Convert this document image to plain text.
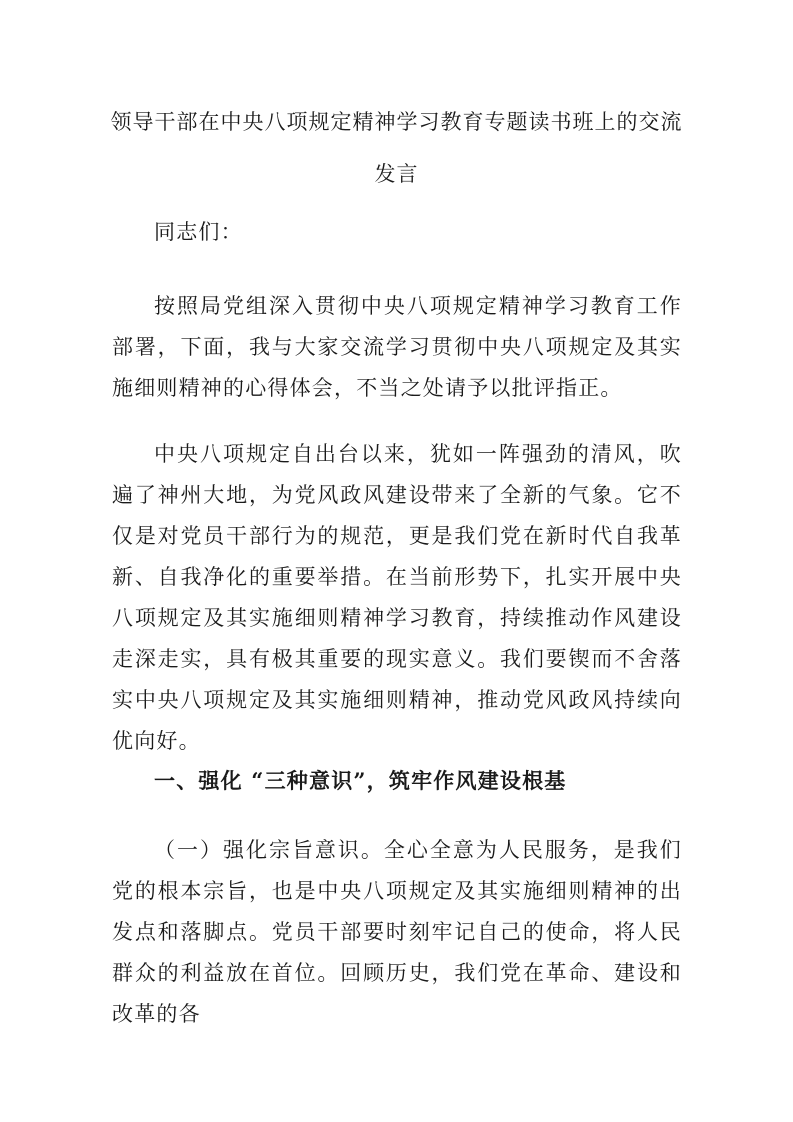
领导干部在中央八项规定精神学习教育专题读书班上的交流发言

同志们：

按照局党组深入贯彻中央八项规定精神学习教育工作部署，下面，我与大家交流学习贯彻中央八项规定及其实施细则精神的心得体会，不当之处请予以批评指正。

中央八项规定自出台以来，犹如一阵强劲的清风，吹遍了神州大地，为党风政风建设带来了全新的气象。它不仅是对党员干部行为的规范，更是我们党在新时代自我革新、自我净化的重要举措。在当前形势下，扎实开展中央八项规定及其实施细则精神学习教育，持续推动作风建设走深走实，具有极其重要的现实意义。我们要锲而不舍落实中央八项规定及其实施细则精神，推动党风政风持续向优向好。

一、强化 “三种意识”，筑牢作风建设根基

（一）强化宗旨意识。全心全意为人民服务，是我们党的根本宗旨，也是中央八项规定及其实施细则精神的出发点和落脚点。党员干部要时刻牢记自己的使命，将人民群众的利益放在首位。回顾历史，我们党在革命、建设和改革的各
